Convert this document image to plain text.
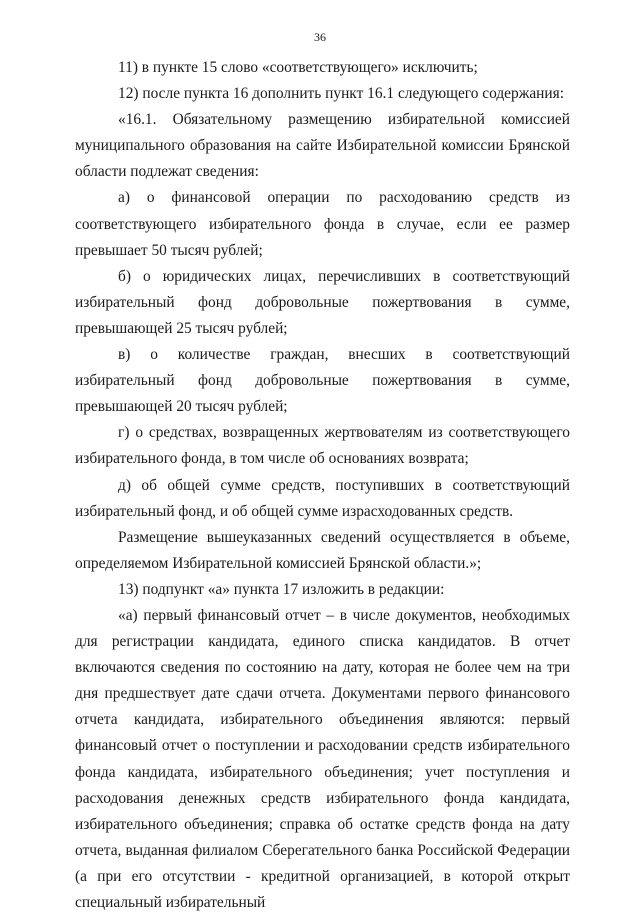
36

11) в пункте 15 слово «соответствующего» исключить;

12) после пункта 16 дополнить пункт 16.1 следующего содержания:

«16.1. Обязательному размещению избирательной комиссией муниципального образования на сайте Избирательной комиссии Брянской области подлежат сведения:

а) о финансовой операции по расходованию средств из соответствующего избирательного фонда в случае, если ее размер превышает 50 тысяч рублей;

б) о юридических лицах, перечисливших в соответствующий избирательный фонд добровольные пожертвования в сумме, превышающей 25 тысяч рублей;

в) о количестве граждан, внесших в соответствующий избирательный фонд добровольные пожертвования в сумме, превышающей 20 тысяч рублей;

г) о средствах, возвращенных жертвователям из соответствующего избирательного фонда, в том числе об основаниях возврата;

д) об общей сумме средств, поступивших в соответствующий избирательный фонд, и об общей сумме израсходованных средств.

Размещение вышеуказанных сведений осуществляется в объеме, определяемом Избирательной комиссией Брянской области.»;

13) подпункт «а» пункта 17 изложить в редакции:

«а) первый финансовый отчет – в числе документов, необходимых для регистрации кандидата, единого списка кандидатов. В отчет включаются сведения по состоянию на дату, которая не более чем на три дня предшествует дате сдачи отчета. Документами первого финансового отчета кандидата, избирательного объединения являются: первый финансовый отчет о поступлении и расходовании средств избирательного фонда кандидата, избирательного объединения; учет поступления и расходования денежных средств избирательного фонда кандидата, избирательного объединения; справка об остатке средств фонда на дату отчета, выданная филиалом Сберегательного банка Российской Федерации (а при его отсутствии - кредитной организацией, в которой открыт специальный избирательный
